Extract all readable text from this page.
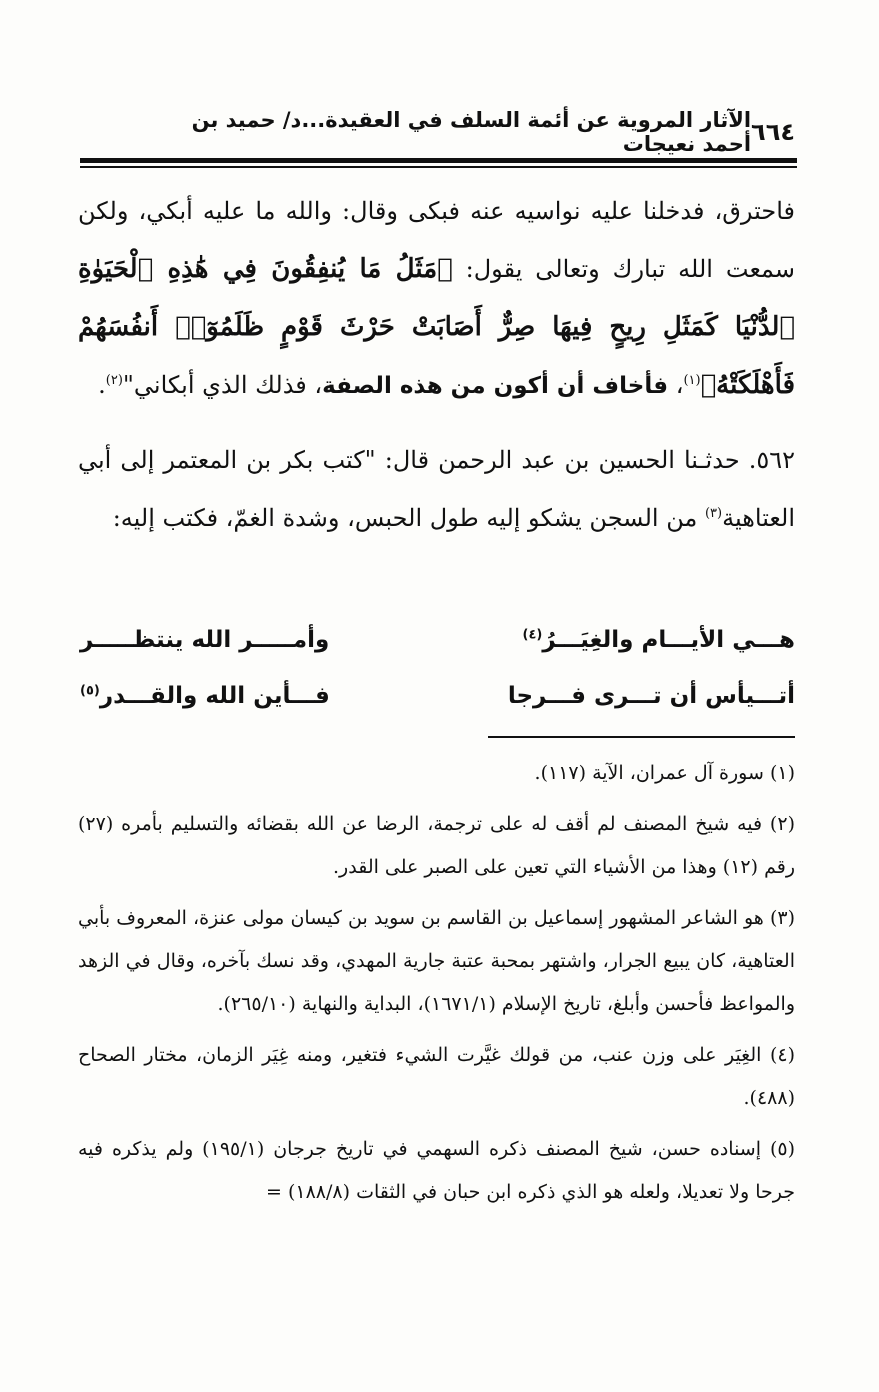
٦٦٤
الآثار المروية عن أئمة السلف في العقيدة...د/ حميد بن أحمد نعيجات

فاحترق، فدخلنا عليه نواسيه عنه فبكى وقال: والله ما عليه أبكي، ولكن سمعت الله تبارك وتعالى يقول: ﴿مَثَلُ مَا يُنفِقُونَ فِي هَٰذِهِ ٱلْحَيَوٰةِ ٱلدُّنْيَا كَمَثَلِ رِيحٍ فِيهَا صِرٌّ أَصَابَتْ حَرْثَ قَوْمٍ ظَلَمُوٓا۟ أَنفُسَهُمْ فَأَهْلَكَتْهُ﴾$^{(١)}$، فأخاف أن أكون من هذه الصفة، فذلك الذي أبكاني"$^{(٢)}$.

٥٦٢. حدثـنا الحسين بن عبد الرحمن قال: "كتب بكر بن المعتمر إلى أبي العتاهية$^{(٣)}$ من السجن يشكو إليه طول الحبس، وشدة الغمّ، فكتب إليه:

هـــي الأيـــام والغِيَـــرُ$^{(٤)}$
وأمـــــر الله ينتظـــــر
أتـــيأس أن تـــرى فـــرجا
فـــأين الله والقـــدر$^{(٥)}$

(١) سورة آل عمران، الآية (١١٧).

(٢) فيه شيخ المصنف لم أقف له على ترجمة، الرضا عن الله بقضائه والتسليم بأمره (٢٧) رقم (١٢) وهذا من الأشياء التي تعين على الصبر على القدر.

(٣) هو الشاعر المشهور إسماعيل بن القاسم بن سويد بن كيسان مولى عنزة، المعروف بأبي العتاهية، كان يبيع الجرار، واشتهر بمحبة عتبة جارية المهدي، وقد نسك بآخره، وقال في الزهد والمواعظ فأحسن وأبلغ، تاريخ الإسلام (١٦٧١/١)، البداية والنهاية (٢٦٥/١٠).

(٤) الغِيَر على وزن عنب، من قولك غيَّرت الشيء فتغير، ومنه غِيَر الزمان، مختار الصحاح (٤٨٨).

(٥) إسناده حسن، شيخ المصنف ذكره السهمي في تاريخ جرجان (١٩٥/١) ولم يذكره فيه جرحا ولا تعديلا، ولعله هو الذي ذكره ابن حبان في الثقات (١٨٨/٨) =
